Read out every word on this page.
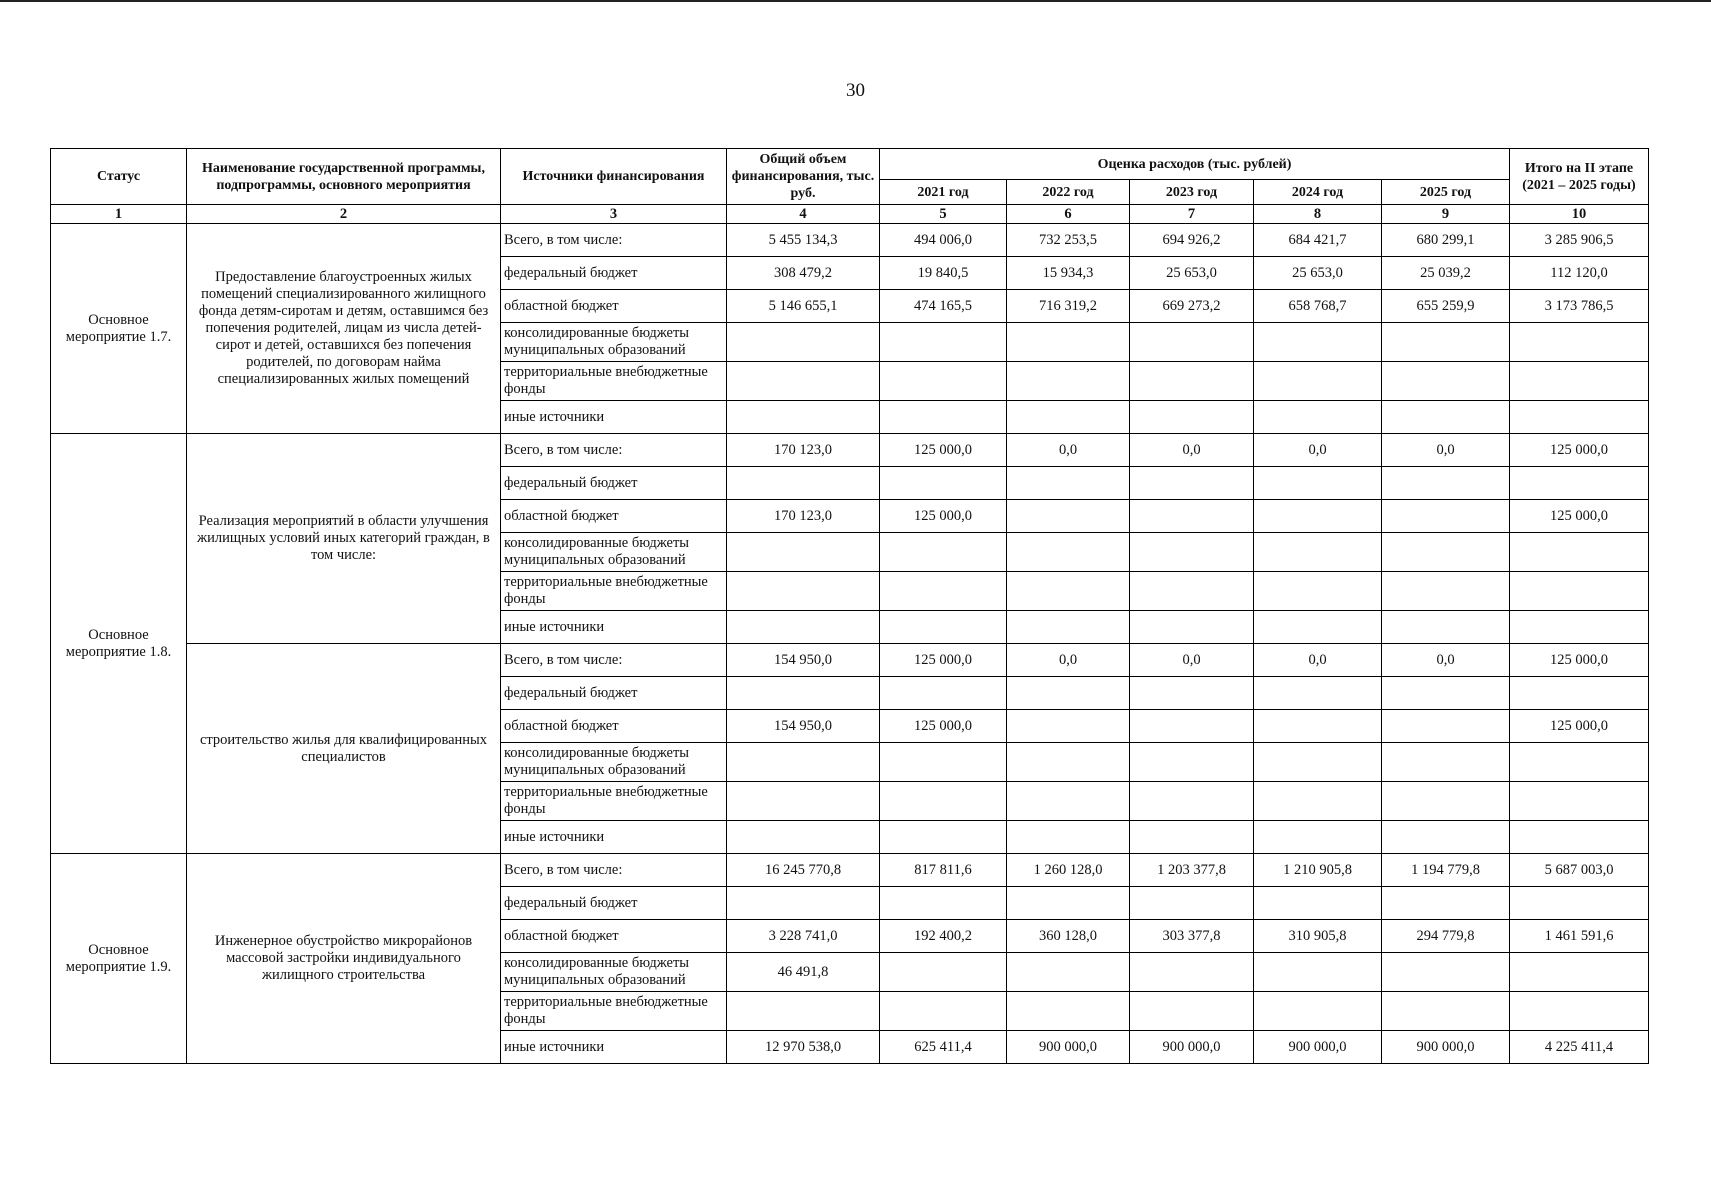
30
Статус	Наименование государственной программы, подпрограммы, основного мероприятия	Источники финансирования	Общий объем финансирования, тыс. руб.	Оценка расходов (тыс. рублей)					Итого на II этапе (2021 – 2025 годы)
				2021 год	2022 год	2023 год	2024 год	2025 год	
1	2	3	4	5	6	7	8	9	10
Основное мероприятие 1.7.	Предоставление благоустроенных жилых помещений специализированного жилищного фонда детям-сиротам и детям, оставшимся без попечения родителей, лицам из числа детей-сирот и детей, оставшихся без попечения родителей, по договорам найма специализированных жилых помещений	Всего, в том числе:	5 455 134,3	494 006,0	732 253,5	694 926,2	684 421,7	680 299,1	3 285 906,5
		федеральный бюджет	308 479,2	19 840,5	15 934,3	25 653,0	25 653,0	25 039,2	112 120,0
		областной бюджет	5 146 655,1	474 165,5	716 319,2	669 273,2	658 768,7	655 259,9	3 173 786,5
		консолидированные бюджеты муниципальных образований							
		территориальные внебюджетные фонды							
		иные источники							
Основное мероприятие 1.8.	Реализация мероприятий в области улучшения жилищных условий иных категорий граждан, в том числе:	Всего, в том числе:	170 123,0	125 000,0	0,0	0,0	0,0	0,0	125 000,0
		федеральный бюджет							
		областной бюджет	170 123,0	125 000,0					125 000,0
		консолидированные бюджеты муниципальных образований							
		территориальные внебюджетные фонды							
		иные источники							
	строительство жилья для квалифицированных специалистов	Всего, в том числе:	154 950,0	125 000,0	0,0	0,0	0,0	0,0	125 000,0
		федеральный бюджет							
		областной бюджет	154 950,0	125 000,0					125 000,0
		консолидированные бюджеты муниципальных образований							
		территориальные внебюджетные фонды							
		иные источники							
Основное мероприятие 1.9.	Инженерное обустройство микрорайонов массовой застройки индивидуального жилищного строительства	Всего, в том числе:	16 245 770,8	817 811,6	1 260 128,0	1 203 377,8	1 210 905,8	1 194 779,8	5 687 003,0
		федеральный бюджет							
		областной бюджет	3 228 741,0	192 400,2	360 128,0	303 377,8	310 905,8	294 779,8	1 461 591,6
		консолидированные бюджеты муниципальных образований	46 491,8						
		территориальные внебюджетные фонды							
		иные источники	12 970 538,0	625 411,4	900 000,0	900 000,0	900 000,0	900 000,0	4 225 411,4
